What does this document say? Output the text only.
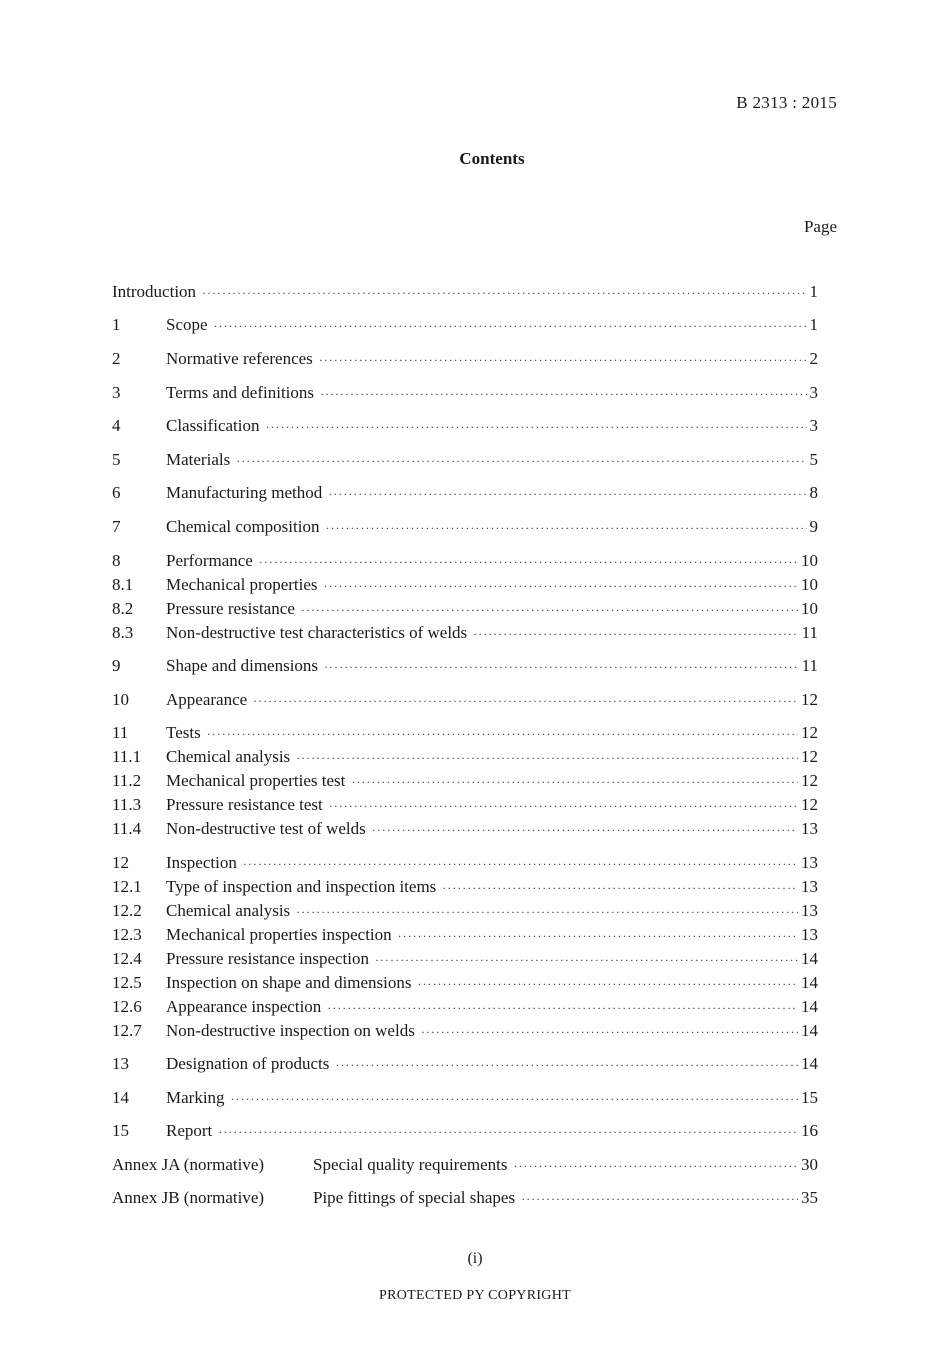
B 2313 : 2015
Contents
Page
Introduction ·····	1
1	Scope ·····	1
2	Normative references ·····	2
3	Terms and definitions ·····	3
4	Classification ·····	3
5	Materials ·····	5
6	Manufacturing method ·····	8
7	Chemical composition ·····	9
8	Performance ·····	10
8.1	Mechanical properties ·····	10
8.2	Pressure resistance ·····	10
8.3	Non-destructive test characteristics of welds ·····	11
9	Shape and dimensions ·····	11
10	Appearance ·····	12
11	Tests ·····	12
11.1	Chemical analysis ·····	12
11.2	Mechanical properties test ·····	12
11.3	Pressure resistance test ·····	12
11.4	Non-destructive test of welds ·····	13
12	Inspection ·····	13
12.1	Type of inspection and inspection items ·····	13
12.2	Chemical analysis ·····	13
12.3	Mechanical properties inspection ·····	13
12.4	Pressure resistance inspection ·····	14
12.5	Inspection on shape and dimensions ·····	14
12.6	Appearance inspection ·····	14
12.7	Non-destructive inspection on welds ·····	14
13	Designation of products ·····	14
14	Marking ·····	15
15	Report ·····	16
Annex JA (normative)	Special quality requirements ·····	30
Annex JB (normative)	Pipe fittings of special shapes ·····	35
(i)
PROTECTED PY COPYRIGHT
